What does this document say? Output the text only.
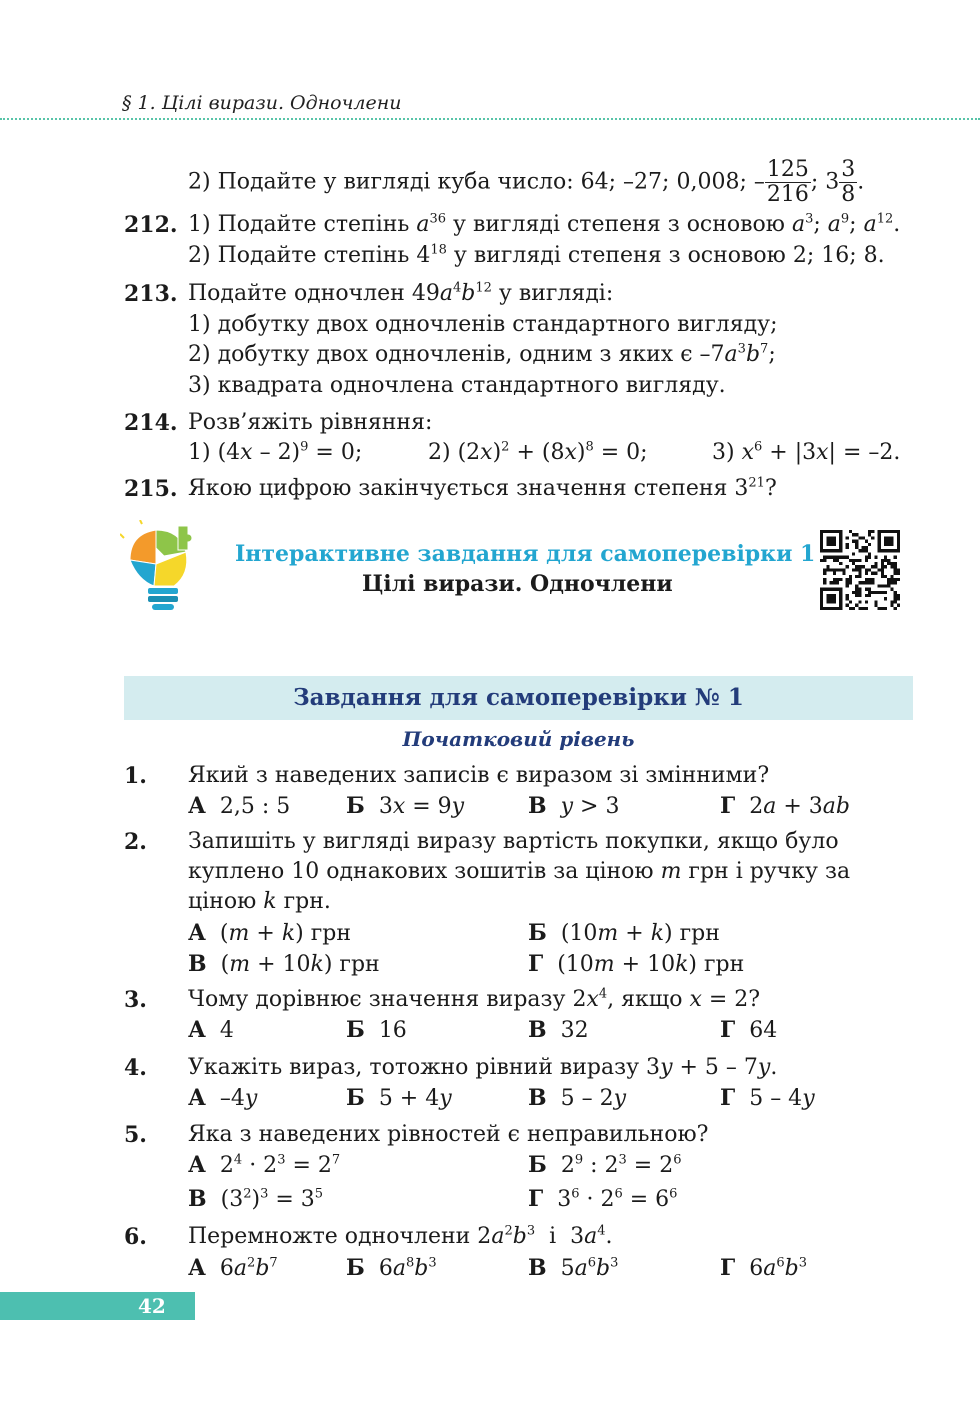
§ 1. Цілі вирази. Одночлени
2) Подайте у вигляді куба число: 64; –27; 0,008; – $\frac{125}{216}$ ; $3 \frac{3}{8}$ .
212. 1) Подайте степінь $a^{36}$ у вигляді степеня з основою $a^3$; $a^9$; $a^{12}$.
2) Подайте степінь $4^{18}$ у вигляді степеня з основою 2; 16; 8.
213. Подайте одночлен $49a^4b^{12}$ у вигляді:
1) добутку двох одночленів стандартного вигляду;
2) добутку двох одночленів, одним з яких є $-7a^3b^7$;
3) квадрата одночлена стандартного вигляду.
214. Розв’яжіть рівняння:
1) (4x – 2)$^9$ = 0;	2) $(2x)^2 + (8x)^8 = 0$;	3) $x^6 + |3x| = -2$.
215. Якою цифрою закінчується значення степеня $3^{21}$?
Інтерактивне завдання для самоперевірки 1
Цілі вирази. Одночлени
Завдання для самоперевірки № 1
Початковий рівень
1. Який з наведених записів є виразом зі змінними?
А 2,5 : 5	Б 3x = 9y	В y > 3	Г 2a + 3ab
2. Запишіть у вигляді виразу вартість покупки, якщо було
куплено 10 однакових зошитів за ціною m грн і ручку за
ціною k грн.
А (m + k) грн	Б (10m + k) грн
В (m + 10k) грн	Г (10m + 10k) грн
3. Чому дорівнює значення виразу $2x^4$, якщо x = 2?
А 4	Б 16	В 32	Г 64
4. Укажіть вираз, тотожно рівний виразу 3y + 5 – 7y.
А –4y	Б 5 + 4y	В 5 – 2y	Г 5 – 4y
5. Яка з наведених рівностей є неправильною?
А $2^4 \cdot 2^3 = 2^7$	Б $2^9$ : $2^3 = 2^6$
В $(3^2)^3 = 3^5$	Г $3^6 \cdot 2^6 = 6^6$
6. Перемножте одночлени $2a^2b^3$  і  $3a^4$.
А $6a^2b^7$	Б $6a^8b^3$	В $5a^6b^3$	Г $6a^6b^3$
42
